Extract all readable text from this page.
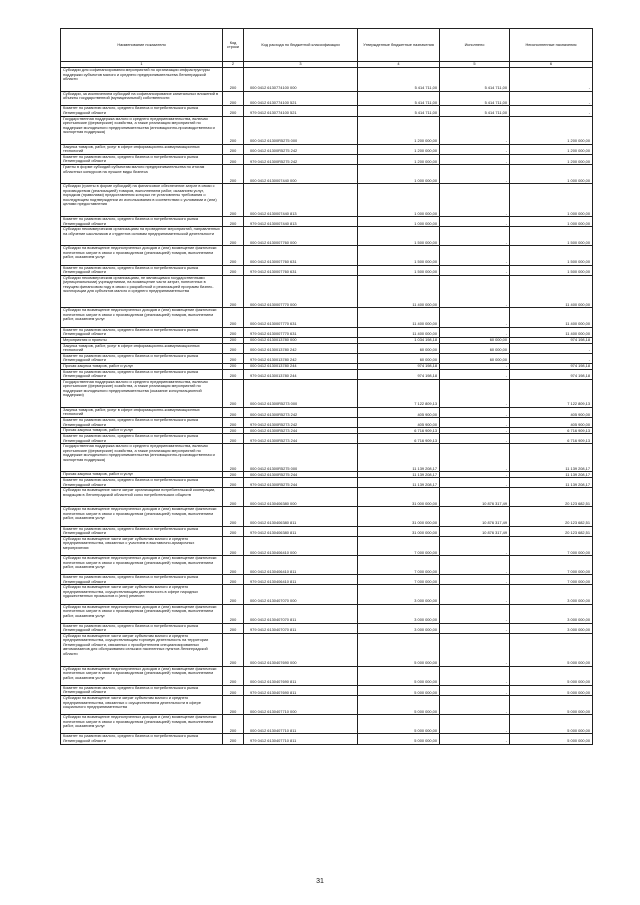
Наименование показателя	Код строки	Код расхода по бюджетной классификации	Утвержденные бюджетные назначения	Исполнено	Неисполненные назначения
1	2	3	4	5	6
Субсидии для софинансирования мероприятий по организации инфраструктуры поддержки субъектов малого и среднего предпринимательства Ленинградской области	200	000 0412 6130774100 000	5 414 711,00	5 414 711,00	-
Субсидии, за исключением субсидий на софинансирование капитальных вложений в объекты государственной (муниципальной) собственности	200	000 0412 6130774100 521	5 414 711,00	5 414 711,00	-
Комитет по развитию малого, среднего бизнеса и потребительского рынка Ленинградской области	200	979 0412 6130774100 521	5 414 711,00	5 414 711,00	-
Государственная поддержка малого и среднего предпринимательства, включая крестьянские (фермерские) хозяйства, а также реализация мероприятий по поддержке молодежного предпринимательства (инновационно-производственная и экспортная поддержка)	200	000 0412 61300R5275 000	1 200 000,00	-	1 200 000,00
Закупка товаров, работ, услуг в сфере информационно-коммуникационных технологий	200	000 0412 61300R5275 242	1 200 000,00	-	1 200 000,00
Комитет по развитию малого, среднего бизнеса и потребительского рынка Ленинградской области	200	979 0412 61300R5275 242	1 200 000,00	-	1 200 000,00
Гранты в форме субсидий субъектам малого предпринимательства по итогам областных конкурсов на лучшие виды бизнеса	200	000 0412 6130007440 000	1 000 000,00	-	1 000 000,00
Субсидии (гранты в форме субсидий) на финансовое обеспечение затрат в связи с производством (реализацией) товаров, выполнением работ, оказанием услуг, порядком (правилами) предоставления которых не установлены требования о последующем подтверждении их использования в соответствии с условиями и (или) целями предоставления	200	000 0412 6130007440 813	1 000 000,00	-	1 000 000,00
Комитет по развитию малого, среднего бизнеса и потребительского рынка Ленинградской области	200	979 0412 6130007440 813	1 000 000,00	-	1 000 000,00
Субсидии некоммерческим организациям на проведение мероприятий, направленных на обучение школьников и студентов основам предпринимательской деятельности	200	000 0412 6130007760 000	1 500 000,00	-	1 500 000,00
Субсидии на возмещение недополученных доходов и (или) возмещение фактически понесенных затрат в связи с производством (реализацией) товаров, выполнением работ, оказанием услуг	200	000 0412 6130007760 631	1 500 000,00	-	1 500 000,00
Комитет по развитию малого, среднего бизнеса и потребительского рынка Ленинградской области	200	979 0412 6130007760 631	1 500 000,00	-	1 500 000,00
Субсидии некоммерческим организациям, не являющимся государственными (муниципальными) учреждениями, на возмещение части затрат, понесенных в текущем финансовом году в связи с разработкой и реализацией программ бизнес-эксплорации для субъектов малого и среднего предпринимательства	200	000 0412 6130007770 000	11 400 000,00	-	11 400 000,00
Субсидии на возмещение недополученных доходов и (или) возмещение фактически понесенных затрат в связи с производством (реализацией) товаров, выполнением работ, оказанием услуг	200	000 0412 6130007770 631	11 400 000,00	-	11 400 000,00
Комитет по развитию малого, среднего бизнеса и потребительского рынка Ленинградской области	200	979 0412 6130007770 631	11 400 000,00	-	11 400 000,00
Мероприятия и проекты	200	000 0412 6130013780 000	1 034 198,18	60 000,00	974 198,18
Закупка товаров, работ, услуг в сфере информационно-коммуникационных технологий	200	000 0412 6130013780 242	60 000,00	60 000,00	-
Комитет по развитию малого, среднего бизнеса и потребительского рынка Ленинградской области	200	979 0412 6130013780 242	60 000,00	60 000,00	-
Прочая закупка товаров, работ и услуг	200	000 0412 6130013780 244	974 198,18	-	974 198,18
Комитет по развитию малого, среднего бизнеса и потребительского рынка Ленинградской области	200	979 0412 6130013780 244	974 198,18	-	974 198,18
Государственная поддержка малого и среднего предпринимательства, включая крестьянские (фермерские) хозяйства, а также реализация мероприятий по поддержке молодежного предпринимательства (оказание консультационной поддержки)	200	000 0412 61300R5273 000	7 122 809,13	-	7 122 809,13
Закупка товаров, работ, услуг в сфере информационно-коммуникационных технологий	200	000 0412 61300R5273 242	405 900,00	-	405 900,00
Комитет по развитию малого, среднего бизнеса и потребительского рынка Ленинградской области	200	979 0412 61300R5273 242	405 900,00	-	405 900,00
Прочая закупка товаров, работ и услуг	200	000 0412 61300R5273 244	6 716 909,13	-	6 716 909,13
Комитет по развитию малого, среднего бизнеса и потребительского рынка Ленинградской области	200	979 0412 61300R5273 244	6 716 909,13	-	6 716 909,13
Государственная поддержка малого и среднего предпринимательства, включая крестьянские (фермерские) хозяйства, а также реализация мероприятий по поддержке молодежного предпринимательства (инновационно-производственная и экспортная поддержка)	200	000 0412 61300R5275 000	11 139 208,17	-	11 139 208,17
Прочая закупка товаров, работ и услуг	200	000 0412 61300R5275 244	11 139 208,17	-	11 139 208,17
Комитет по развитию малого, среднего бизнеса и потребительского рынка Ленинградской области	200	979 0412 61300R5275 244	11 139 208,17	-	11 139 208,17
Субсидии на возмещение части затрат организациям потребительской кооперации, входящим в Ленинградский областной союз потребительских обществ	200	000 0412 6130406380 000	31 000 000,00	10 876 317,49	20 123 682,51
Субсидии на возмещение недополученных доходов и (или) возмещение фактически понесенных затрат в связи с производством (реализацией) товаров, выполнением работ, оказанием услуг	200	000 0412 6130406380 811	31 000 000,00	10 876 317,49	20 123 682,51
Комитет по развитию малого, среднего бизнеса и потребительского рынка Ленинградской области	200	979 0412 6130406380 811	31 000 000,00	10 876 317,49	20 123 682,51
Субсидии на возмещение части затрат субъектам малого и среднего предпринимательства, связанных с участием в выставочно-ярмарочных мероприятиях	200	000 0412 6130406410 000	7 000 000,00	-	7 000 000,00
Субсидии на возмещение недополученных доходов и (или) возмещение фактически понесенных затрат в связи с производством (реализацией) товаров, выполнением работ, оказанием услуг	200	000 0412 6130406410 811	7 000 000,00	-	7 000 000,00
Комитет по развитию малого, среднего бизнеса и потребительского рынка Ленинградской области	200	979 0412 6130406410 811	7 000 000,00	-	7 000 000,00
Субсидии на возмещение части затрат субъектам малого и среднего предпринимательства, осуществляющим деятельность в сфере народных художественных промыслов и (или) ремесел	200	000 0412 6130407070 000	3 000 000,00	-	3 000 000,00
Субсидии на возмещение недополученных доходов и (или) возмещение фактически понесенных затрат в связи с производством (реализацией) товаров, выполнением работ, оказанием услуг	200	000 0412 6130407070 811	3 000 000,00	-	3 000 000,00
Комитет по развитию малого, среднего бизнеса и потребительского рынка Ленинградской области	200	979 0412 6130407070 811	3 000 000,00	-	3 000 000,00
Субсидии на возмещение части затрат субъектам малого и среднего предпринимательства, осуществляющим торговую деятельность на территории Ленинградской области, связанных с приобретением специализированных автомагазинов для обслуживания сельских населенных пунктов Ленинградской области	200	000 0412 6130407690 000	5 000 000,00	-	5 000 000,00
Субсидии на возмещение недополученных доходов и (или) возмещение фактически понесенных затрат в связи с производством (реализацией) товаров, выполнением работ, оказанием услуг	200	000 0412 6130407690 811	5 000 000,00	-	5 000 000,00
Комитет по развитию малого, среднего бизнеса и потребительского рынка Ленинградской области	200	979 0412 6130407690 811	5 000 000,00	-	5 000 000,00
Субсидии на возмещение части затрат субъектам малого и среднего предпринимательства, связанных с осуществлением деятельности в сфере социального предпринимательства	200	000 0412 6130407710 000	5 000 000,00	-	5 000 000,00
Субсидии на возмещение недополученных доходов и (или) возмещение фактически понесенных затрат в связи с производством (реализацией) товаров, выполнением работ, оказанием услуг	200	000 0412 6130407710 811	5 000 000,00	-	5 000 000,00
Комитет по развитию малого, среднего бизнеса и потребительского рынка Ленинградской области	200	979 0412 6130407710 811	5 000 000,00	-	5 000 000,00
31
